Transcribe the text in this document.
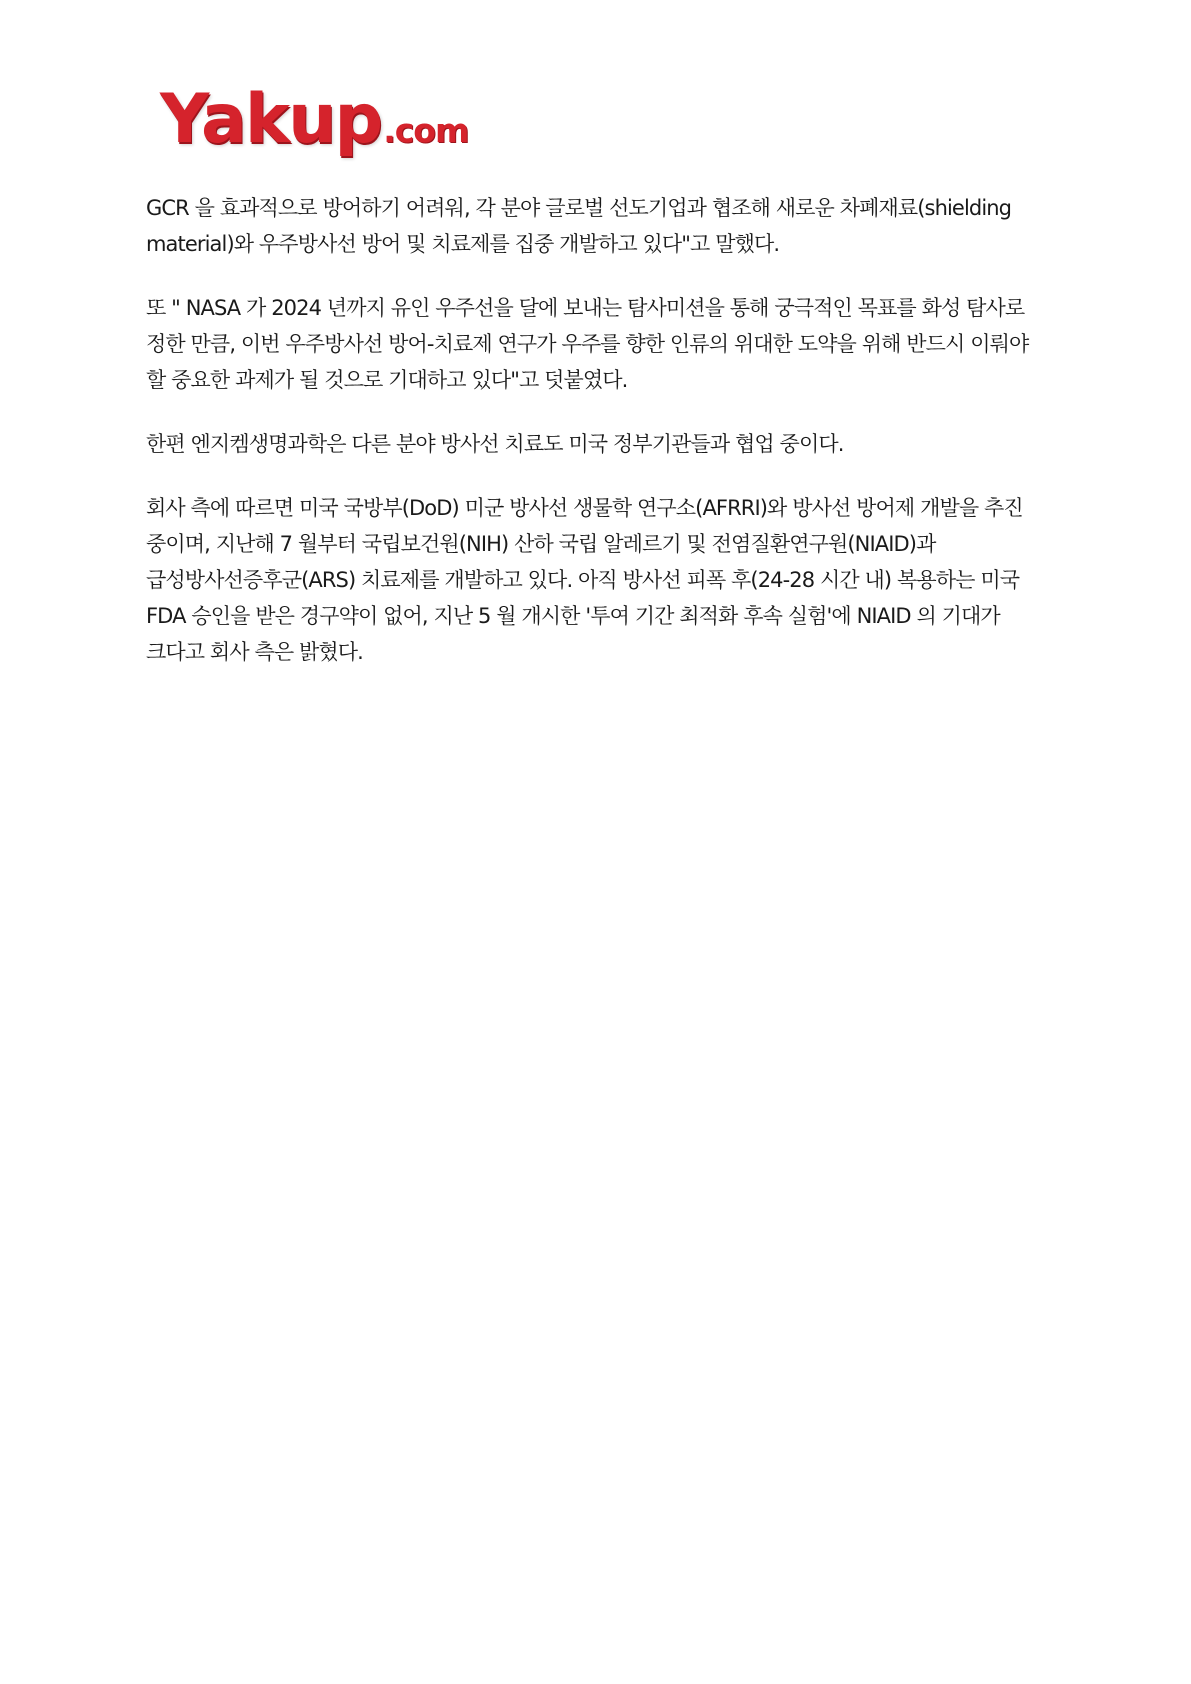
Yakup .com

GCR 을 효과적으로 방어하기 어려워, 각 분야 글로벌 선도기업과 협조해 새로운 차폐재료(shielding material)와 우주방사선 방어 및 치료제를 집중 개발하고 있다"고 말했다.

또 " NASA 가 2024 년까지 유인 우주선을 달에 보내는 탐사미션을 통해 궁극적인 목표를 화성 탐사로 정한 만큼, 이번 우주방사선 방어-치료제 연구가 우주를 향한 인류의 위대한 도약을 위해 반드시 이뤄야 할 중요한 과제가 될 것으로 기대하고 있다"고 덧붙였다.

한편 엔지켐생명과학은 다른 분야 방사선 치료도 미국 정부기관들과 협업 중이다.

회사 측에 따르면 미국 국방부(DoD) 미군 방사선 생물학 연구소(AFRRI)와 방사선 방어제 개발을 추진 중이며, 지난해 7 월부터 국립보건원(NIH) 산하 국립 알레르기 및 전염질환연구원(NIAID)과 급성방사선증후군(ARS) 치료제를 개발하고 있다. 아직 방사선 피폭 후(24-28 시간 내) 복용하는 미국 FDA 승인을 받은 경구약이 없어, 지난 5 월 개시한 '투여 기간 최적화 후속 실험'에 NIAID 의 기대가 크다고 회사 측은 밝혔다.
